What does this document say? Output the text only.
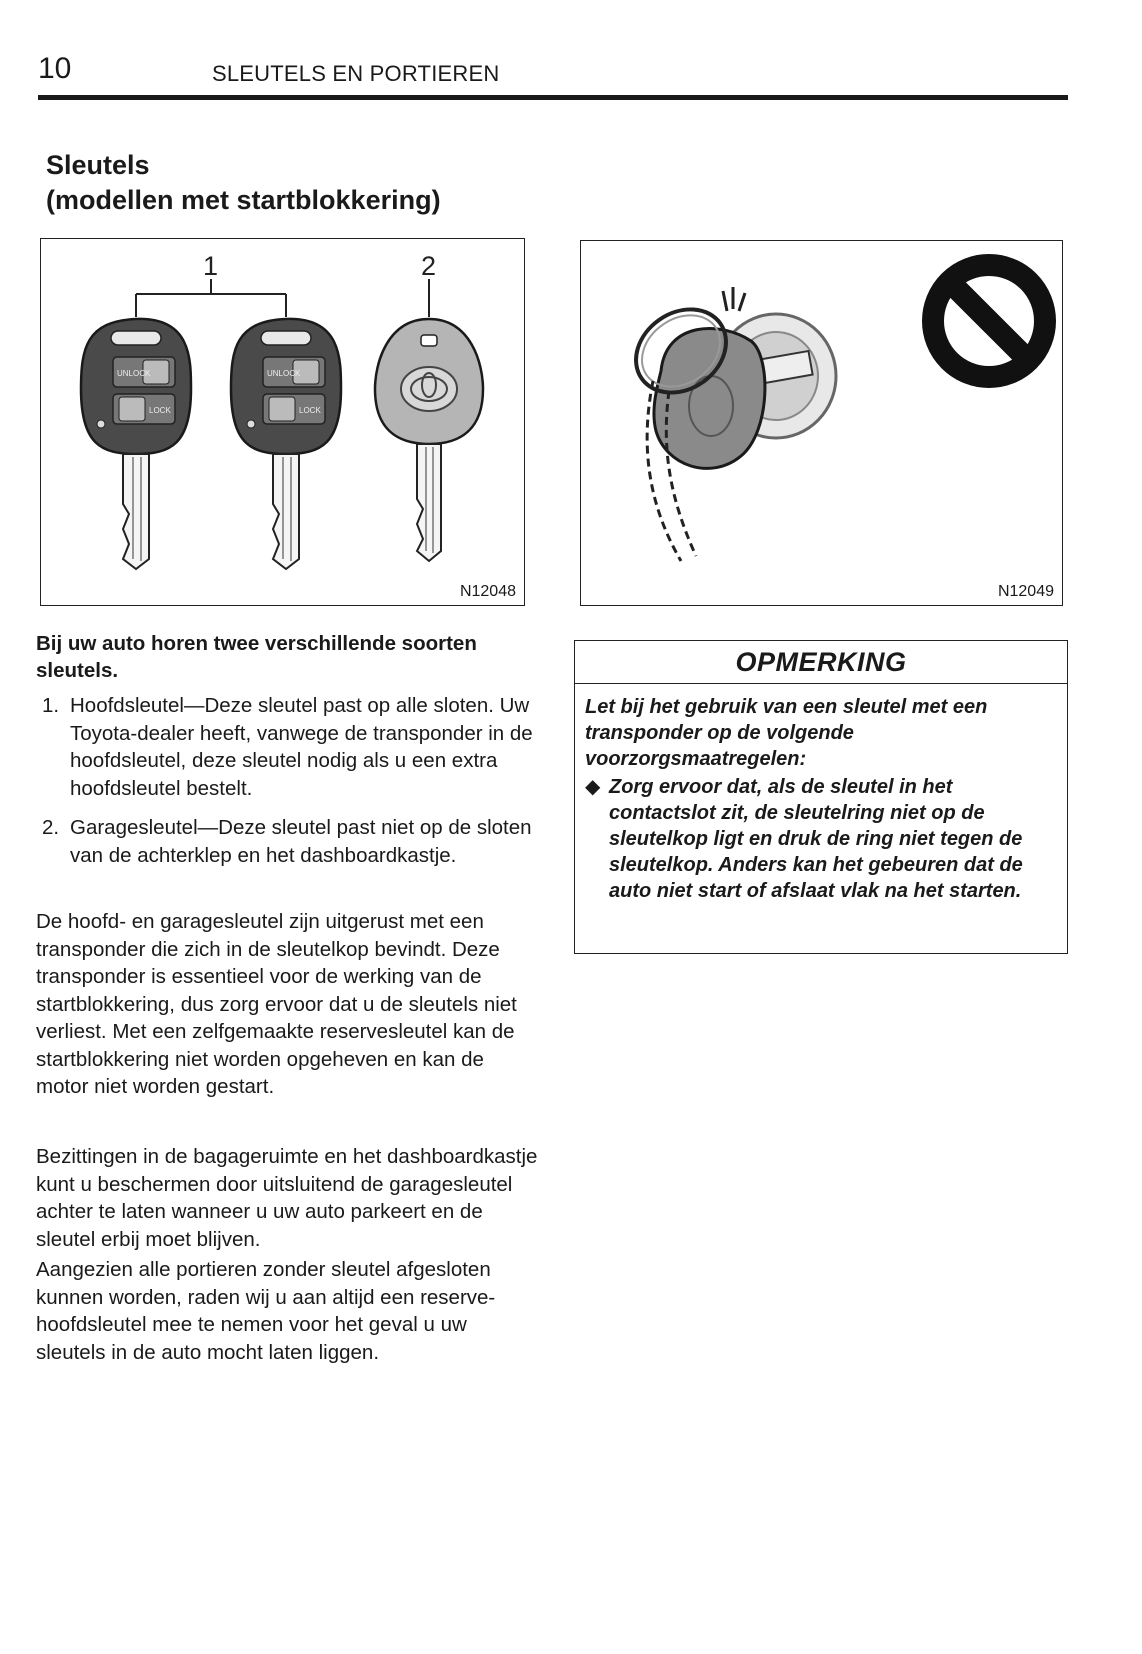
10	SLEUTELS EN PORTIEREN
Sleutels
(modellen met startblokkering)
1	2
UNLOCK
LOCK
UNLOCK
LOCK
N12048	N12049
Bij uw auto horen twee verschillende soorten sleutels.
1. Hoofdsleutel—Deze sleutel past op alle sloten. Uw Toyota-dealer heeft, vanwege de transponder in de hoofdsleutel, deze sleutel nodig als u een extra hoofdsleutel bestelt.
2. Garagesleutel—Deze sleutel past niet op de sloten van de achterklep en het dashboardkastje.
De hoofd- en garagesleutel zijn uitgerust met een transponder die zich in de sleutelkop bevindt. Deze transponder is essentieel voor de werking van de startblokkering, dus zorg ervoor dat u de sleutels niet verliest. Met een zelfgemaakte reservesleutel kan de startblokkering niet worden opgeheven en kan de motor niet worden gestart.
Bezittingen in de bagageruimte en het dashboardkastje kunt u beschermen door uitsluitend de garagesleutel achter te laten wanneer u uw auto parkeert en de sleutel erbij moet blijven.
Aangezien alle portieren zonder sleutel afgesloten kunnen worden, raden wij u aan altijd een reserve-hoofdsleutel mee te nemen voor het geval u uw sleutels in de auto mocht laten liggen.
OPMERKING
Let bij het gebruik van een sleutel met een transponder op de volgende voorzorgsmaatregelen:
◆ Zorg ervoor dat, als de sleutel in het contactslot zit, de sleutelring niet op de sleutelkop ligt en druk de ring niet tegen de sleutelkop. Anders kan het gebeuren dat de auto niet start of afslaat vlak na het starten.
